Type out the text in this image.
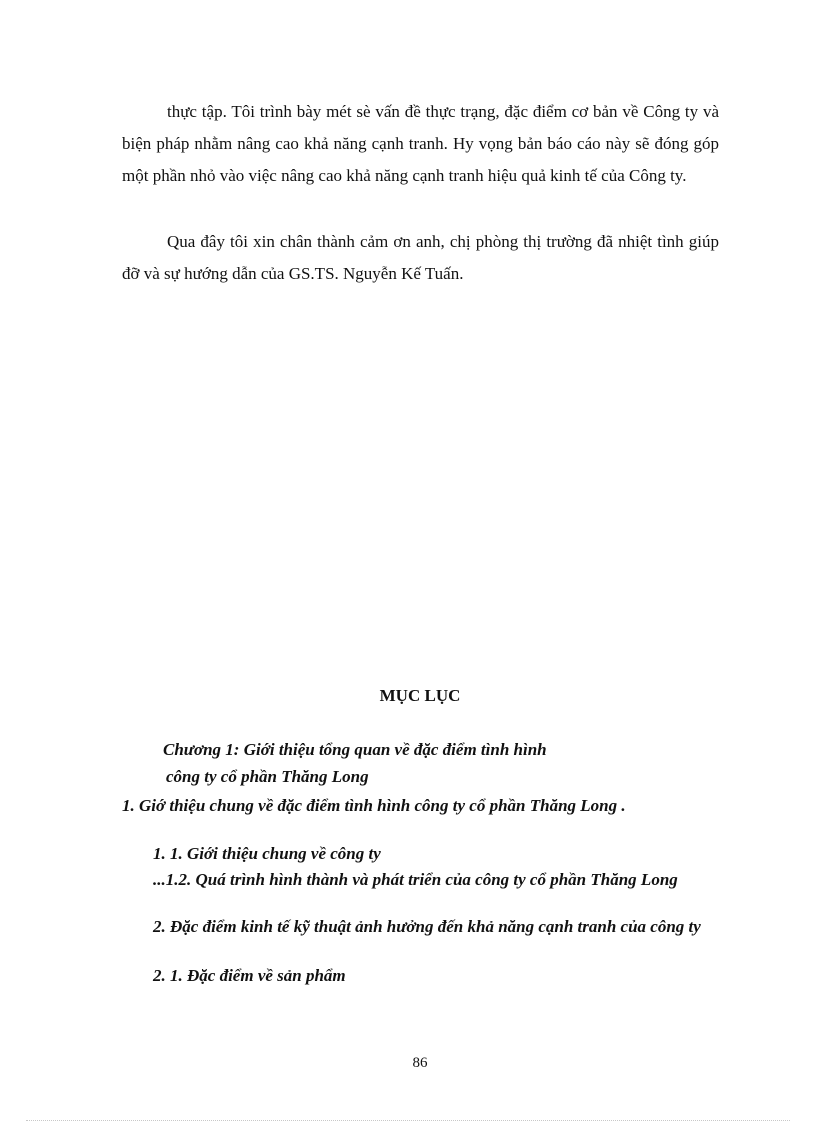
thực tập. Tôi trình bày mét sè vấn đề thực trạng, đặc điểm cơ bản về Công ty và biện pháp nhằm nâng cao khả năng cạnh tranh. Hy vọng bản báo cáo này sẽ đóng góp một phần nhỏ vào việc nâng cao khả năng cạnh tranh hiệu quả kinh tế của Công ty.

Qua đây tôi xin chân thành cảm ơn anh, chị phòng thị trường đã nhiệt tình giúp đỡ và sự hướng dẫn của GS.TS. Nguyễn Kế Tuấn.

MỤC LỤC

Chương 1: Giới thiệu tổng quan về đặc điểm tình hình

công ty cổ phần Thăng Long

1. Giớ thiệu chung về đặc điểm tình hình công ty cổ phần Thăng Long .

1. 1. Giới thiệu chung về công ty

...1.2. Quá trình hình thành và phát triển của công ty cổ phần Thăng Long

2. Đặc điểm kinh tế kỹ thuật ảnh hưởng đến khả năng cạnh tranh của công ty

2. 1. Đặc điểm về sản phẩm

86
